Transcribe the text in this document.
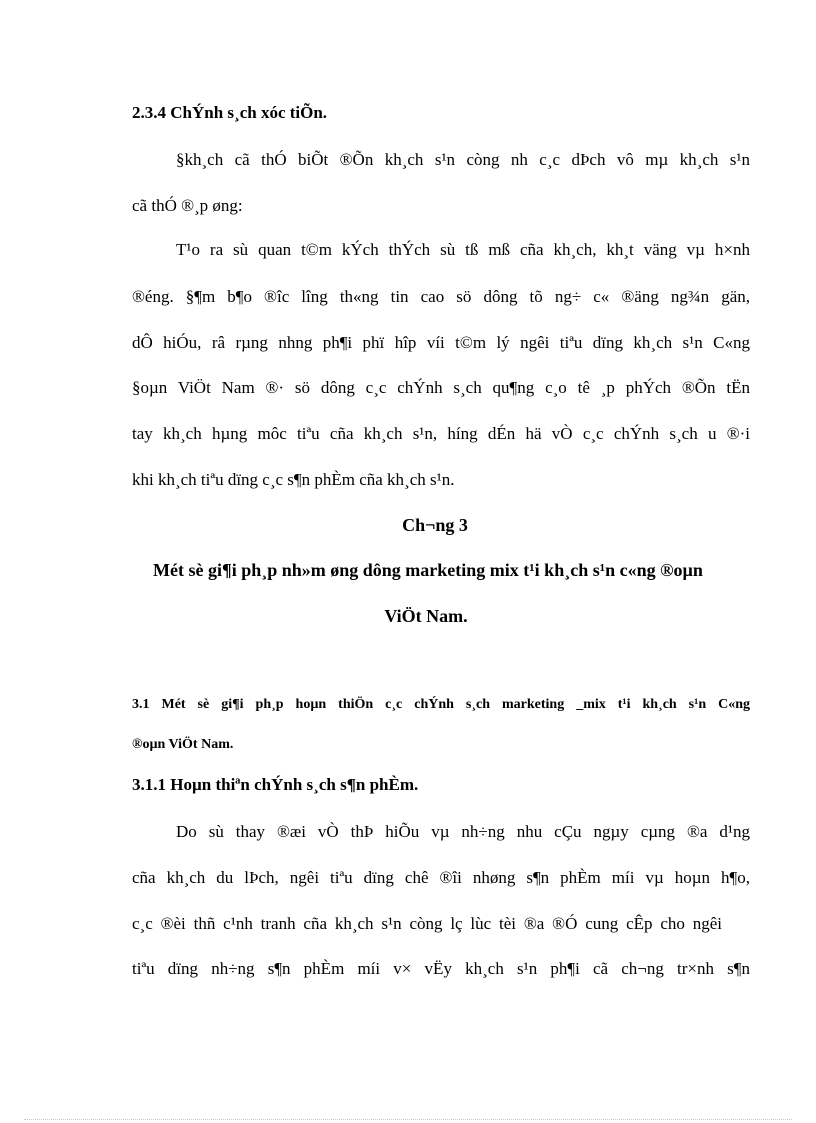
2.3.4 ChÝnh s¸ch xóc tiÕn.
§kh¸ch cã thÓ biÕt ®Õn kh¸ch s¹n còng nh c¸c dÞch vô mµ kh¸ch s¹n
cã thÓ ®¸p øng:
T¹o ra sù quan t©m kÝch thÝch sù tß mß cña kh¸ch, kh¸t väng vµ h×nh
®éng. §¶m b¶o ®îc lîng th«ng tin cao sö dông tõ ng÷ c« ®äng ng¾n gän,
dÔ hiÓu, râ rµng nhng ph¶i phï hîp víi t©m lý ngêi tiªu dïng kh¸ch s¹n C«ng
§oµn ViÖt Nam ®· sö dông c¸c chÝnh s¸ch qu¶ng c¸o tê ¸p phÝch ®Õn tËn
tay kh¸ch hµng môc tiªu cña kh¸ch s¹n, híng dÉn hä vÒ c¸c chÝnh s¸ch u ®·i
khi kh¸ch tiªu dïng c¸c s¶n phÈm cña kh¸ch s¹n.
Ch¬ng 3
Mét sè gi¶i ph¸p nh»m øng dông marketing mix t¹i kh¸ch s¹n c«ng ®oµn
ViÖt Nam.
3.1 Mét sè gi¶i ph¸p hoµn thiÖn c¸c chÝnh s¸ch marketing _mix t¹i kh¸ch s¹n C«ng
®oµn ViÖt Nam.
3.1.1 Hoµn thiªn chÝnh s¸ch s¶n phÈm.
Do sù thay ®æi vÒ thÞ hiÕu vµ nh÷ng nhu cÇu ngµy cµng ®a d¹ng
cña kh¸ch du lÞch, ngêi tiªu dïng chê ®îi nhøng s¶n phÈm míi vµ hoµn h¶o,
c¸c ®èi thñ c¹nh tranh cña kh¸ch s¹n còng lç lùc tèi ®a ®Ó cung cÊp cho ngêi
tiªu dïng nh÷ng s¶n phÈm míi v× vËy kh¸ch s¹n ph¶i cã ch¬ng tr×nh s¶n
